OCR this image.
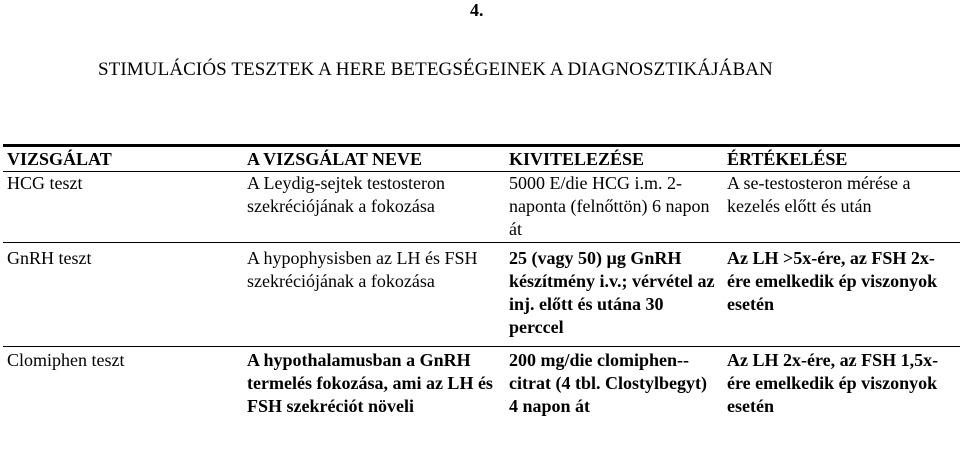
4.
STIMULÁCIÓS TESZTEK A HERE BETEGSÉGEINEK A DIAGNOSZTIKÁJÁBAN
VIZSGÁLAT	A VIZSGÁLAT NEVE	KIVITELEZÉSE	ÉRTÉKELÉSE
HCG teszt	A Leydig-sejtek testosteron szekréciójának a fokozása	5000 E/die HCG i.m. 2-naponta (felnőttön) 6 napon át	A se-testosteron mérése a kezelés előtt és után
GnRH teszt	A hypophysisben az LH és FSH szekréciójának a fokozása	25 (vagy 50) µg GnRH készítmény i.v.; vérvétel az inj. előtt és utána 30 perccel	Az LH >5x-ére, az FSH 2x-ére emelkedik ép viszonyok esetén
Clomiphen teszt	A hypothalamusban a GnRH termelés fokozása, ami az LH és FSH szekréciót növeli	200 mg/die clomiphen--citrat (4 tbl. Clostylbegyt) 4 napon át	Az LH 2x-ére, az FSH 1,5x-ére emelkedik ép viszonyok esetén
